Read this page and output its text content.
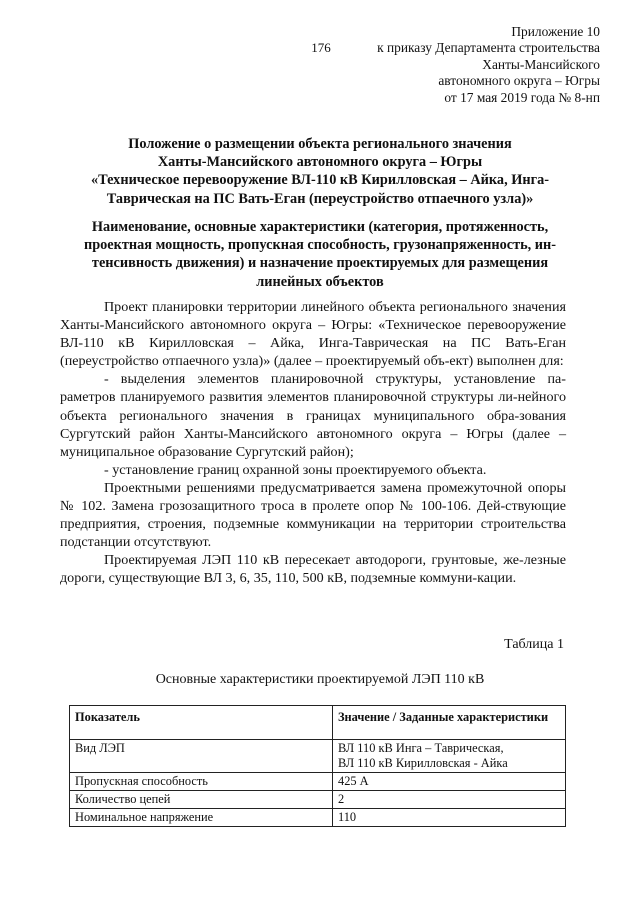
176
Приложение 10
к приказу Департамента строительства
Ханты-Мансийского
автономного округа – Югры
от 17 мая 2019 года № 8-нп
Положение о размещении объекта регионального значения
Ханты-Мансийского автономного округа – Югры
«Техническое перевооружение ВЛ-110 кВ Кирилловская – Айка, Инга-
Таврическая на ПС Вать-Еган (переустройство отпаечного узла)»
Наименование, основные характеристики (категория, протяженность,
проектная мощность, пропускная способность, грузонапряженность, ин-
тенсивность движения) и назначение проектируемых для размещения
линейных объектов

Проект планировки территории линейного объекта регионального значения Ханты-Мансийского автономного округа – Югры: «Техническое перевооружение ВЛ-110 кВ Кирилловская – Айка, Инга-Таврическая на ПС Вать-Еган (переустройство отпаечного узла)» (далее – проектируемый объ-ект) выполнен для:

- выделения элементов планировочной структуры, установление па-раметров планируемого развития элементов планировочной структуры ли-нейного объекта регионального значения в границах муниципального обра-зования Сургутский район Ханты-Мансийского автономного округа – Югры (далее – муниципальное образование Сургутский район);

- установление границ охранной зоны проектируемого объекта.

Проектными решениями предусматривается замена промежуточной опоры № 102. Замена грозозащитного троса в пролете опор № 100-106. Дей-ствующие предприятия, строения, подземные коммуникации на территории строительства подстанции отсутствуют.

Проектируемая ЛЭП 110 кВ пересекает автодороги, грунтовые, же-лезные дороги, существующие ВЛ 3, 6, 35, 110, 500 кВ, подземные коммуни-кации.

Таблица 1
Основные характеристики проектируемой ЛЭП 110 кВ
Показатель	Значение / Заданные характеристики
Вид ЛЭП	ВЛ 110 кВ Инга – Таврическая,
ВЛ 110 кВ Кирилловская - Айка
Пропускная способность	425 А
Количество цепей	2
Номинальное напряжение	110
